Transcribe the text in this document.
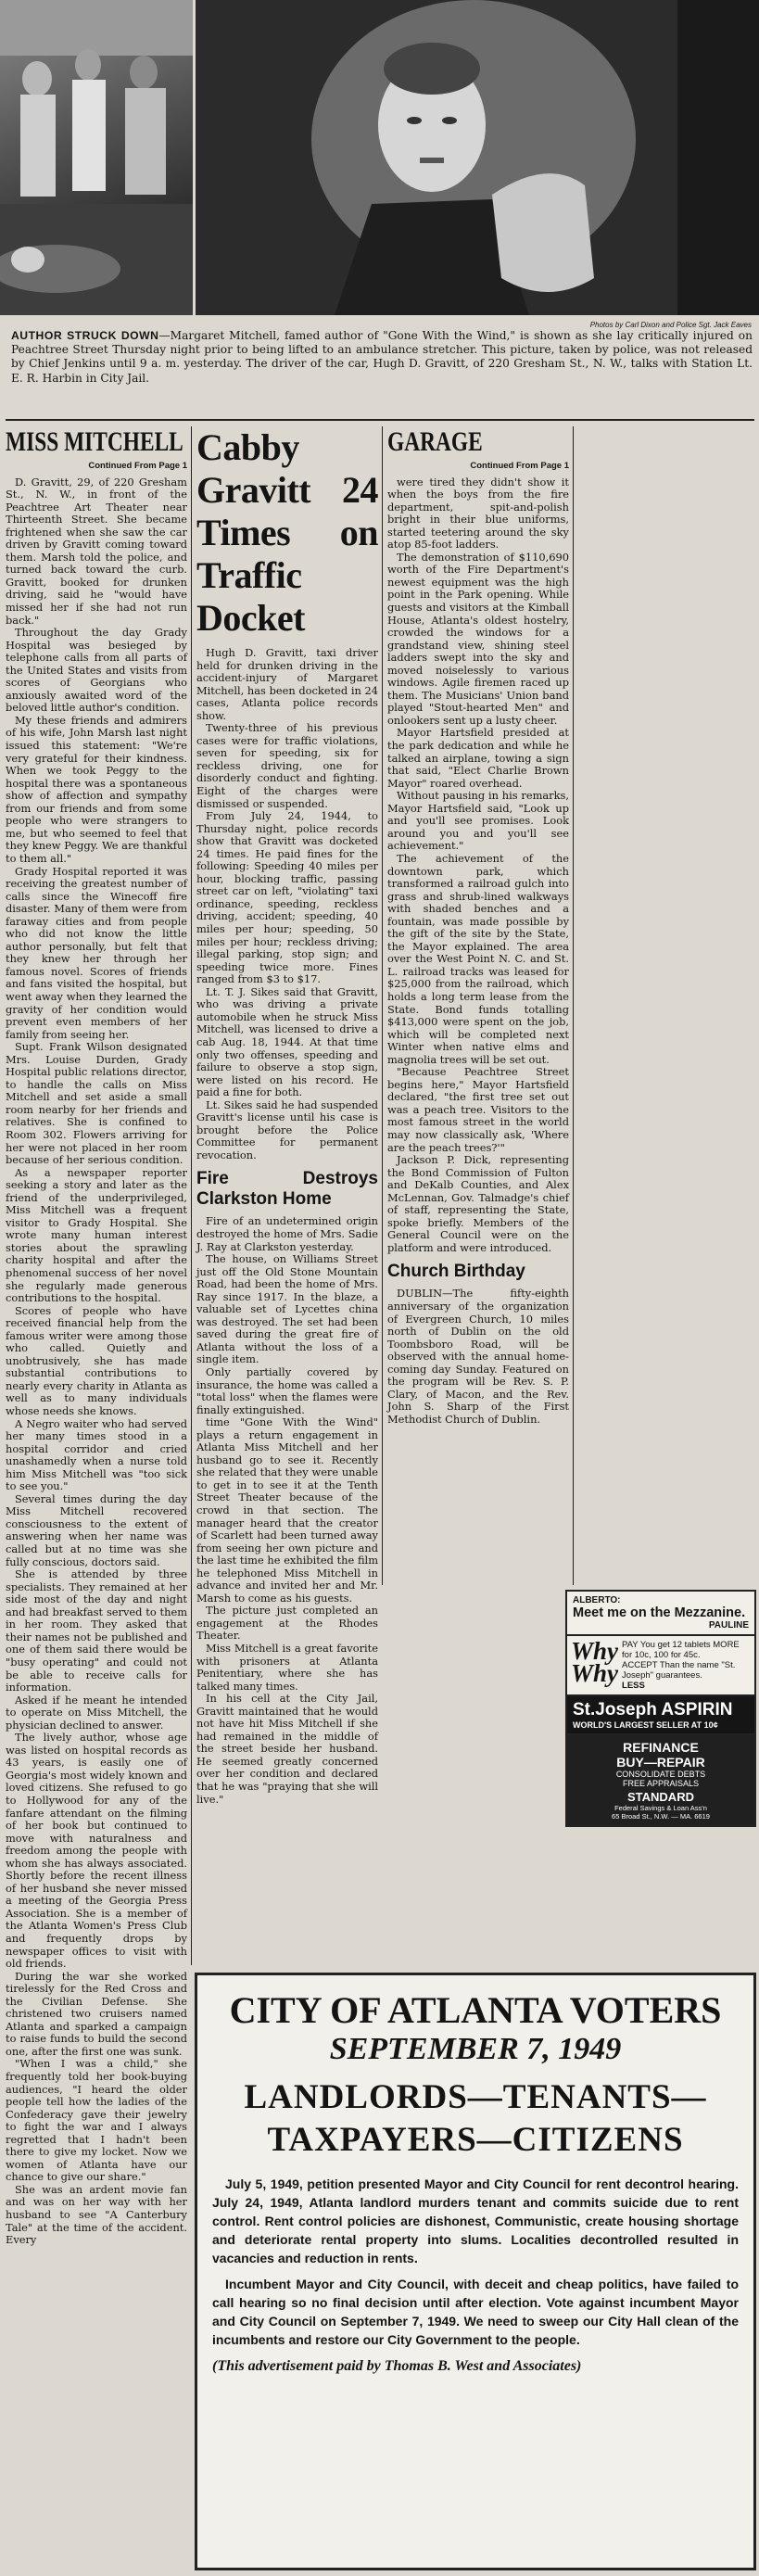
Photos by Carl Dixon and Police Sgt. Jack Eaves
AUTHOR STRUCK DOWN—Margaret Mitchell, famed author of "Gone With the Wind," is shown as she lay critically injured on Peachtree Street Thursday night prior to being lifted to an ambulance stretcher. This picture, taken by police, was not released by Chief Jenkins until 9 a. m. yesterday. The driver of the car, Hugh D. Gravitt, of 220 Gresham St., N. W., talks with Station Lt. E. R. Harbin in City Jail.
MISS MITCHELL
Continued From Page 1

D. Gravitt, 29, of 220 Gresham St., N. W., in front of the Peachtree Art Theater near Thirteenth Street. She became frightened when she saw the car driven by Gravitt coming toward them. Marsh told the police, and turned back toward the curb. Gravitt, booked for drunken driving, said he "would have missed her if she had not run back."

Throughout the day Grady Hospital was besieged by telephone calls from all parts of the United States and visits from scores of Georgians who anxiously awaited word of the beloved little author's condition.

My these friends and admirers of his wife, John Marsh last night issued this statement: "We're very grateful for their kindness. When we took Peggy to the hospital there was a spontaneous show of affection and sympathy from our friends and from some people who were strangers to me, but who seemed to feel that they knew Peggy. We are thankful to them all."

Grady Hospital reported it was receiving the greatest number of calls since the Winecoff fire disaster. Many of them were from faraway cities and from people who did not know the little author personally, but felt that they knew her through her famous novel. Scores of friends and fans visited the hospital, but went away when they learned the gravity of her condition would prevent even members of her family from seeing her.

Supt. Frank Wilson designated Mrs. Louise Durden, Grady Hospital public relations director, to handle the calls on Miss Mitchell and set aside a small room nearby for her friends and relatives. She is confined to Room 302. Flowers arriving for her were not placed in her room because of her serious condition.

As a newspaper reporter seeking a story and later as the friend of the underprivileged, Miss Mitchell was a frequent visitor to Grady Hospital. She wrote many human interest stories about the sprawling charity hospital and after the phenomenal success of her novel she regularly made generous contributions to the hospital.

Scores of people who have received financial help from the famous writer were among those who called. Quietly and unobtrusively, she has made substantial contributions to nearly every charity in Atlanta as well as to many individuals whose needs she knows.

A Negro waiter who had served her many times stood in a hospital corridor and cried unashamedly when a nurse told him Miss Mitchell was "too sick to see you."

Several times during the day Miss Mitchell recovered consciousness to the extent of answering when her name was called but at no time was she fully conscious, doctors said.

She is attended by three specialists. They remained at her side most of the day and night and had breakfast served to them in her room. They asked that their names not be published and one of them said there would be "busy operating" and could not be able to receive calls for information.

Asked if he meant he intended to operate on Miss Mitchell, the physician declined to answer.

The lively author, whose age was listed on hospital records as 43 years, is easily one of Georgia's most widely known and loved citizens. She refused to go to Hollywood for any of the fanfare attendant on the filming of her book but continued to move with naturalness and freedom among the people with whom she has always associated. Shortly before the recent illness of her husband she never missed a meeting of the Georgia Press Association. She is a member of the Atlanta Women's Press Club and frequently drops by newspaper offices to visit with old friends.

During the war she worked tirelessly for the Red Cross and the Civilian Defense. She christened two cruisers named Atlanta and sparked a campaign to raise funds to build the second one, after the first one was sunk.

"When I was a child," she frequently told her book-buying audiences, "I heard the older people tell how the ladies of the Confederacy gave their jewelry to fight the war and I always regretted that I hadn't been there to give my locket. Now we women of Atlanta have our chance to give our share."

She was an ardent movie fan and was on her way with her husband to see "A Canterbury Tale" at the time of the accident. Every

Cabby Gravitt 24 Times on Traffic Docket

Hugh D. Gravitt, taxi driver held for drunken driving in the accident-injury of Margaret Mitchell, has been docketed in 24 cases, Atlanta police records show.

Twenty-three of his previous cases were for traffic violations, seven for speeding, six for reckless driving, one for disorderly conduct and fighting. Eight of the charges were dismissed or suspended.

From July 24, 1944, to Thursday night, police records show that Gravitt was docketed 24 times. He paid fines for the following: Speeding 40 miles per hour, blocking traffic, passing street car on left, "violating" taxi ordinance, speeding, reckless driving, accident; speeding, 40 miles per hour; speeding, 50 miles per hour; reckless driving; illegal parking, stop sign; and speeding twice more. Fines ranged from $3 to $17.

Lt. T. J. Sikes said that Gravitt, who was driving a private automobile when he struck Miss Mitchell, was licensed to drive a cab Aug. 18, 1944. At that time only two offenses, speeding and failure to observe a stop sign, were listed on his record. He paid a fine for both.

Lt. Sikes said he had suspended Gravitt's license until his case is brought before the Police Committee for permanent revocation.

Fire Destroys Clarkston Home

Fire of an undetermined origin destroyed the home of Mrs. Sadie J. Ray at Clarkston yesterday.

The house, on Williams Street just off the Old Stone Mountain Road, had been the home of Mrs. Ray since 1917. In the blaze, a valuable set of Lycettes china was destroyed. The set had been saved during the great fire of Atlanta without the loss of a single item.

Only partially covered by insurance, the home was called a "total loss" when the flames were finally extinguished.

time "Gone With the Wind" plays a return engagement in Atlanta Miss Mitchell and her husband go to see it. Recently she related that they were unable to get in to see it at the Tenth Street Theater because of the crowd in that section. The manager heard that the creator of Scarlett had been turned away from seeing her own picture and the last time he exhibited the film he telephoned Miss Mitchell in advance and invited her and Mr. Marsh to come as his guests.

The picture just completed an engagement at the Rhodes Theater.

Miss Mitchell is a great favorite with prisoners at Atlanta Penitentiary, where she has talked many times.

In his cell at the City Jail, Gravitt maintained that he would not have hit Miss Mitchell if she had remained in the middle of the street beside her husband. He seemed greatly concerned over her condition and declared that he was "praying that she will live."

GARAGE
Continued From Page 1

were tired they didn't show it when the boys from the fire department, spit-and-polish bright in their blue uniforms, started teetering around the sky atop 85-foot ladders.

The demonstration of $110,690 worth of the Fire Department's newest equipment was the high point in the Park opening. While guests and visitors at the Kimball House, Atlanta's oldest hostelry, crowded the windows for a grandstand view, shining steel ladders swept into the sky and moved noiselessly to various windows. Agile firemen raced up them. The Musicians' Union band played "Stout-hearted Men" and onlookers sent up a lusty cheer.

Mayor Hartsfield presided at the park dedication and while he talked an airplane, towing a sign that said, "Elect Charlie Brown Mayor" roared overhead.

Without pausing in his remarks, Mayor Hartsfield said, "Look up and you'll see promises. Look around you and you'll see achievement."

The achievement of the downtown park, which transformed a railroad gulch into grass and shrub-lined walkways with shaded benches and a fountain, was made possible by the gift of the site by the State, the Mayor explained. The area over the West Point N. C. and St. L. railroad tracks was leased for $25,000 from the railroad, which holds a long term lease from the State. Bond funds totalling $413,000 were spent on the job, which will be completed next Winter when native elms and magnolia trees will be set out.

"Because Peachtree Street begins here," Mayor Hartsfield declared, "the first tree set out was a peach tree. Visitors to the most famous street in the world may now classically ask, 'Where are the peach trees?'"

Jackson P. Dick, representing the Bond Commission of Fulton and DeKalb Counties, and Alex McLennan, Gov. Talmadge's chief of staff, representing the State, spoke briefly. Members of the General Council were on the platform and were introduced.

Church Birthday

DUBLIN—The fifty-eighth anniversary of the organization of Evergreen Church, 10 miles north of Dublin on the old Toombsboro Road, will be observed with the annual home-coming day Sunday. Featured on the program will be Rev. S. P. Clary, of Macon, and the Rev. John S. Sharp of the First Methodist Church of Dublin.

ALBERTO:
Meet me on the Mezzanine.
PAULINE
Why
Why
PAY You get 12 tablets MORE for 10c, 100 for 45c.
ACCEPT Than the name "St. Joseph" guarantees.
LESS
St.Joseph ASPIRIN
WORLD'S LARGEST SELLER AT 10¢
REFINANCE
BUY—REPAIR
CONSOLIDATE DEBTS
FREE APPRAISALS
STANDARD
Federal Savings & Loan Ass'n
65 Broad St., N.W. — MA. 6619
CITY OF ATLANTA VOTERS
SEPTEMBER 7, 1949
LANDLORDS—TENANTS—
TAXPAYERS—CITIZENS

July 5, 1949, petition presented Mayor and City Council for rent decontrol hearing. July 24, 1949, Atlanta landlord murders tenant and commits suicide due to rent control. Rent control policies are dishonest, Communistic, create housing shortage and deteriorate rental property into slums. Localities decontrolled resulted in vacancies and reduction in rents.

Incumbent Mayor and City Council, with deceit and cheap politics, have failed to call hearing so no final decision until after election. Vote against incumbent Mayor and City Council on September 7, 1949. We need to sweep our City Hall clean of the incumbents and restore our City Government to the people.

(This advertisement paid by Thomas B. West and Associates)
